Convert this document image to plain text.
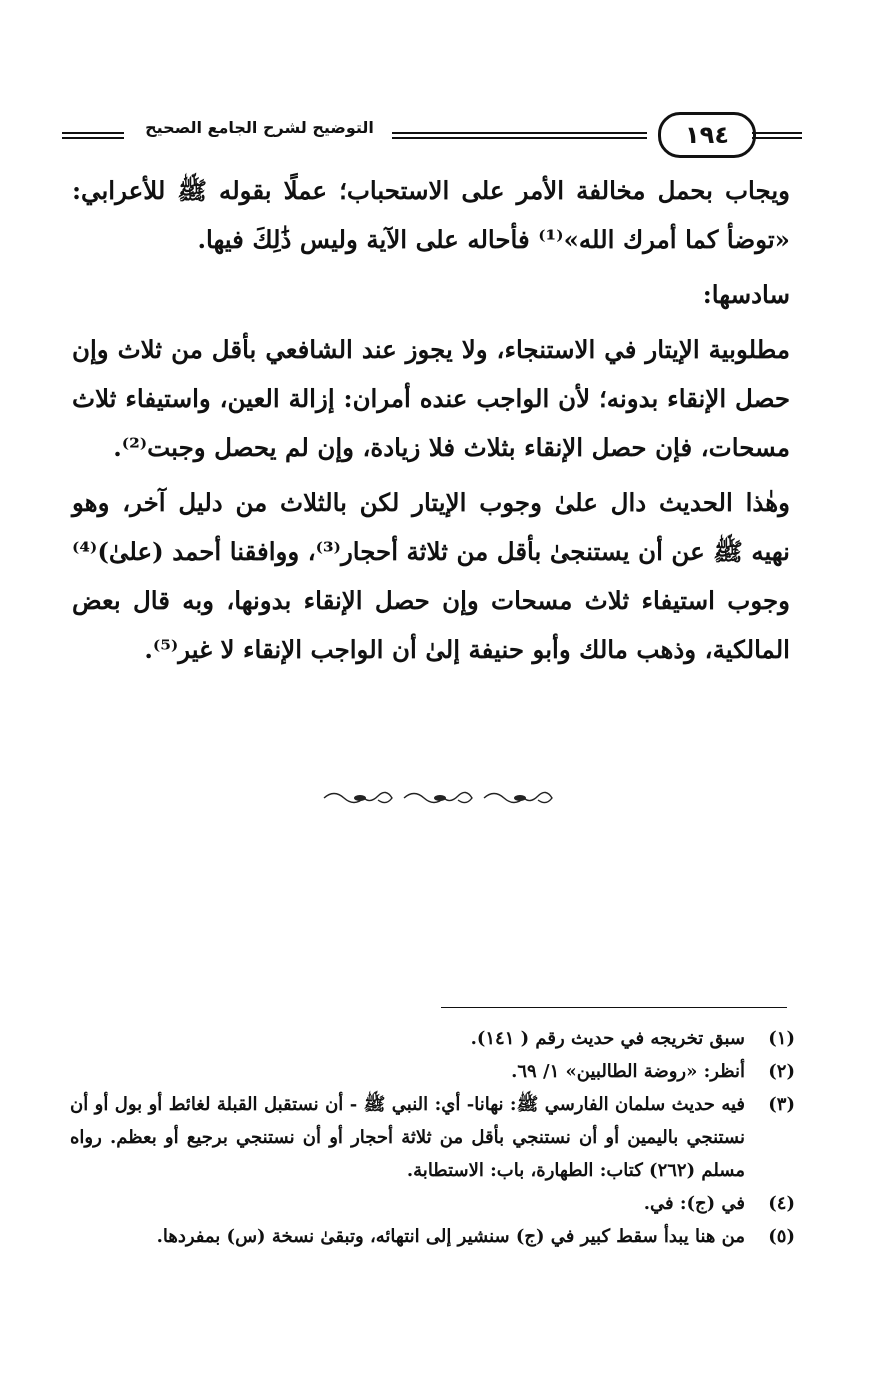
التوضيح لشرح الجامع الصحيح	١٩٤

ويجاب بحمل مخالفة الأمر على الاستحباب؛ عملًا بقوله ﷺ للأعرابي: «توضأ كما أمرك الله»⁽¹⁾ فأحاله على الآية وليس ذَٰلِكَ فيها.

سادسها:

مطلوبية الإيتار في الاستنجاء، ولا يجوز عند الشافعي بأقل من ثلاث وإن حصل الإنقاء بدونه؛ لأن الواجب عنده أمران: إزالة العين، واستيفاء ثلاث مسحات، فإن حصل الإنقاء بثلاث فلا زيادة، وإن لم يحصل وجبت⁽²⁾.

وهٰذا الحديث دال علىٰ وجوب الإيتار لكن بالثلاث من دليل آخر، وهو نهيه ﷺ عن أن يستنجىٰ بأقل من ثلاثة أحجار⁽³⁾، ووافقنا أحمد (علىٰ)⁽⁴⁾ وجوب استيفاء ثلاث مسحات وإن حصل الإنقاء بدونها، وبه قال بعض المالكية، وذهب مالك وأبو حنيفة إلىٰ أن الواجب الإنقاء لا غير⁽⁵⁾.

(١)
سبق تخريجه في حديث رقم ( ١٤١).
(٢)
أنظر: «روضة الطالبين» ١/ ٦٩.
(٣)
فيه حديث سلمان الفارسي ﷺ: نهانا- أي: النبي ﷺ - أن نستقبل القبلة لغائط أو بول أو أن نستنجي باليمين أو أن نستنجي بأقل من ثلاثة أحجار أو أن نستنجي برجيع أو بعظم. رواه مسلم (٢٦٢) كتاب: الطهارة، باب: الاستطابة.
(٤)
في (ج): في.
(٥)
من هنا يبدأ سقط كبير في (ج) سنشير إلى انتهائه، وتبقىٰ نسخة (س) بمفردها.
